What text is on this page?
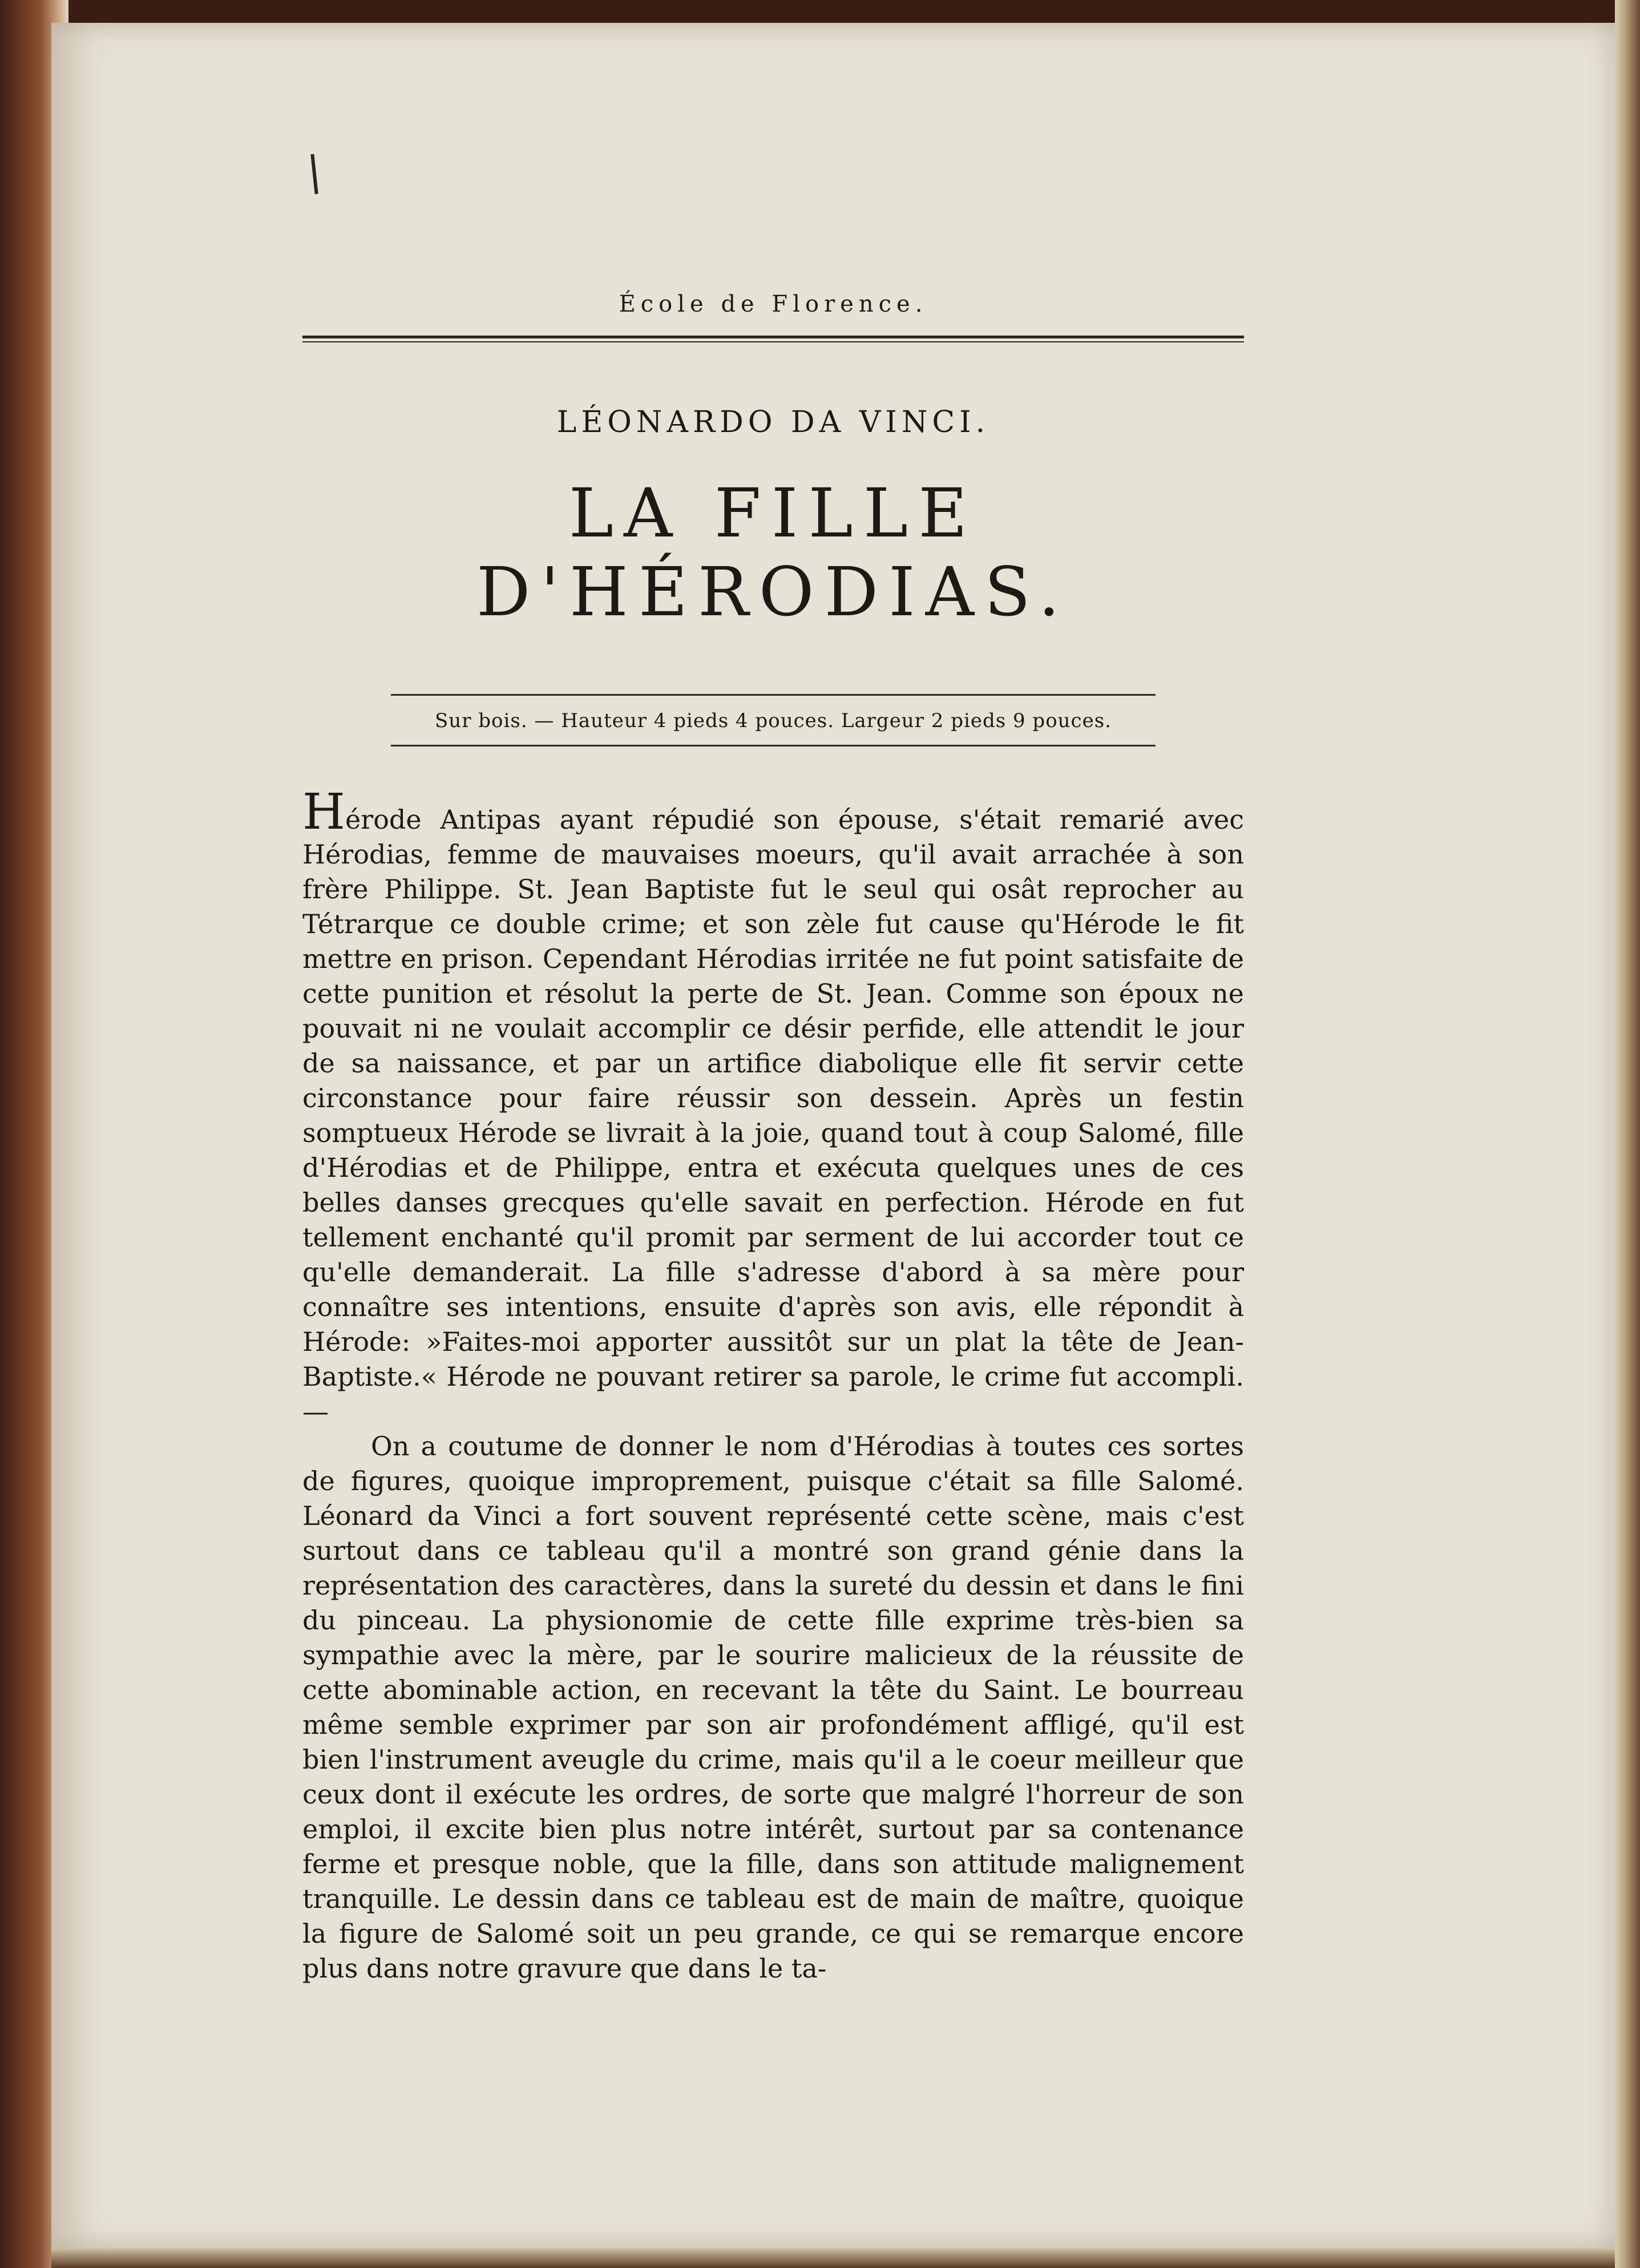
École de Florence.
LÉONARDO DA VINCI.
LA FILLE D'HÉRODIAS.
Sur bois. — Hauteur 4 pieds 4 pouces. Largeur 2 pieds 9 pouces.

Hérode Antipas ayant répudié son épouse, s'était remarié avec Hérodias, femme de mauvaises moeurs, qu'il avait arrachée à son frère Philippe. St. Jean Baptiste fut le seul qui osât reprocher au Tétrarque ce double crime; et son zèle fut cause qu'Hérode le fit mettre en prison. Cependant Hérodias irritée ne fut point satisfaite de cette punition et résolut la perte de St. Jean. Comme son époux ne pouvait ni ne voulait accomplir ce désir perfide, elle attendit le jour de sa naissance, et par un artifice diabolique elle fit servir cette circonstance pour faire réussir son dessein. Après un festin somptueux Hérode se livrait à la joie, quand tout à coup Salomé, fille d'Hérodias et de Philippe, entra et exécuta quelques unes de ces belles danses grecques qu'elle savait en perfection. Hérode en fut tellement enchanté qu'il promit par serment de lui accorder tout ce qu'elle demanderait. La fille s'adresse d'abord à sa mère pour connaître ses intentions, ensuite d'après son avis, elle répondit à Hérode: »Faites-moi apporter aussitôt sur un plat la tête de Jean-Baptiste.« Hérode ne pouvant retirer sa parole, le crime fut accompli. —

On a coutume de donner le nom d'Hérodias à toutes ces sortes de figures, quoique improprement, puisque c'était sa fille Salomé. Léonard da Vinci a fort souvent représenté cette scène, mais c'est surtout dans ce tableau qu'il a montré son grand génie dans la représentation des caractères, dans la sureté du dessin et dans le fini du pinceau. La physionomie de cette fille exprime très-bien sa sympathie avec la mère, par le sourire malicieux de la réussite de cette abominable action, en recevant la tête du Saint. Le bourreau même semble exprimer par son air profondément affligé, qu'il est bien l'instrument aveugle du crime, mais qu'il a le coeur meilleur que ceux dont il exécute les ordres, de sorte que malgré l'horreur de son emploi, il excite bien plus notre intérêt, surtout par sa contenance ferme et presque noble, que la fille, dans son attitude malignement tranquille. Le dessin dans ce tableau est de main de maître, quoique la figure de Salomé soit un peu grande, ce qui se remarque encore plus dans notre gravure que dans le ta-
